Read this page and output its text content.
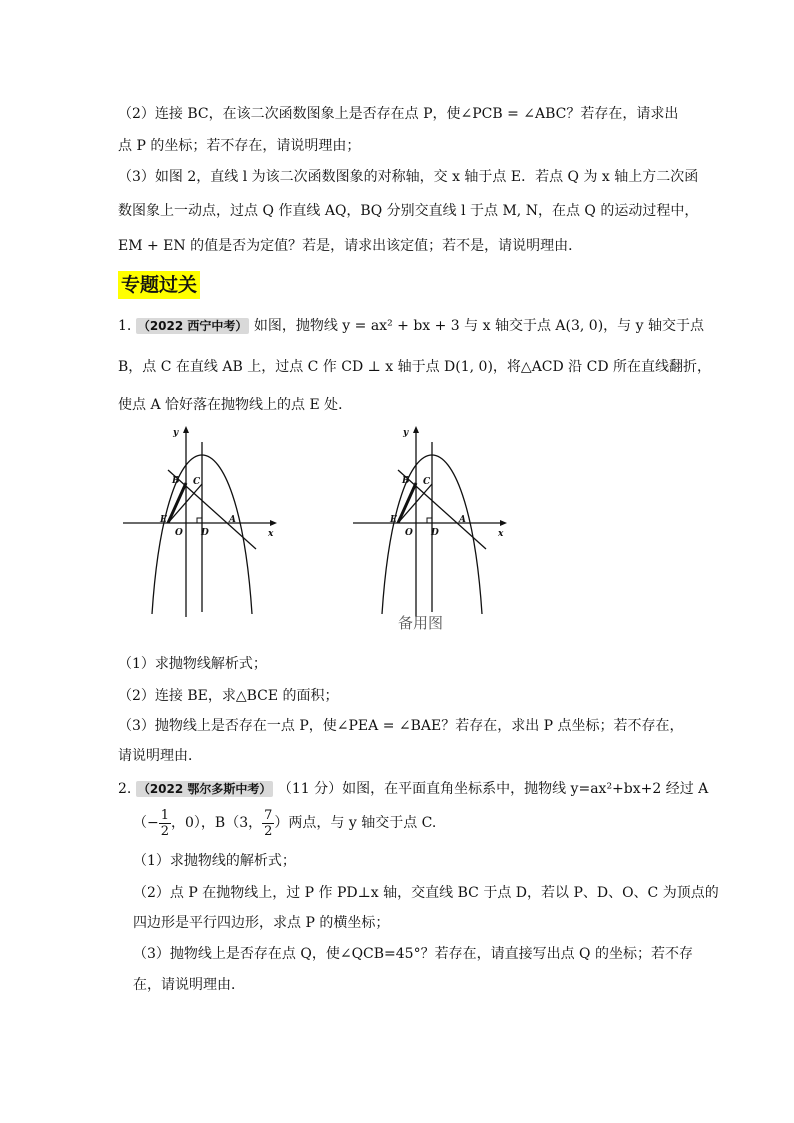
（2）连接 BC，在该二次函数图象上是否存在点 P，使∠PCB = ∠ABC？若存在，请求出
点 P 的坐标；若不存在，请说明理由；
（3）如图 2，直线 l 为该二次函数图象的对称轴，交 x 轴于点 E．若点 Q 为 x 轴上方二次函
数图象上一动点，过点 Q 作直线 AQ，BQ 分别交直线 l 于点 M, N，在点 Q 的运动过程中，
EM + EN 的值是否为定值？若是，请求出该定值；若不是，请说明理由．
专题过关
1. （2022 西宁中考） 如图，抛物线 y = ax² + bx + 3 与 x 轴交于点 A(3, 0)，与 y 轴交于点
B，点 C 在直线 AB 上，过点 C 作 CD ⊥ x 轴于点 D(1, 0)，将△ACD 沿 CD 所在直线翻折，
使点 A 恰好落在抛物线上的点 E 处．
y
x
B C
E
O D
A
y
x
B C
E
O D
A
备用图
（1）求抛物线解析式；
（2）连接 BE，求△BCE 的面积；
（3）抛物线上是否存在一点 P，使∠PEA = ∠BAE？若存在，求出 P 点坐标；若不存在，
请说明理由．
2. （2022 鄂尔多斯中考） （11 分）如图，在平面直角坐标系中，抛物线 y=ax²+bx+2 经过 A
（− $\frac{1}{2}$ ，0），B（3， $\frac{7}{2}$ ）两点，与 y 轴交于点 C.
（1）求抛物线的解析式；
（2）点 P 在抛物线上，过 P 作 PD⊥x 轴，交直线 BC 于点 D，若以 P、D、O、C 为顶点的
四边形是平行四边形，求点 P 的横坐标；
（3）抛物线上是否存在点 Q，使∠QCB=45°？若存在，请直接写出点 Q 的坐标；若不存
在，请说明理由．
